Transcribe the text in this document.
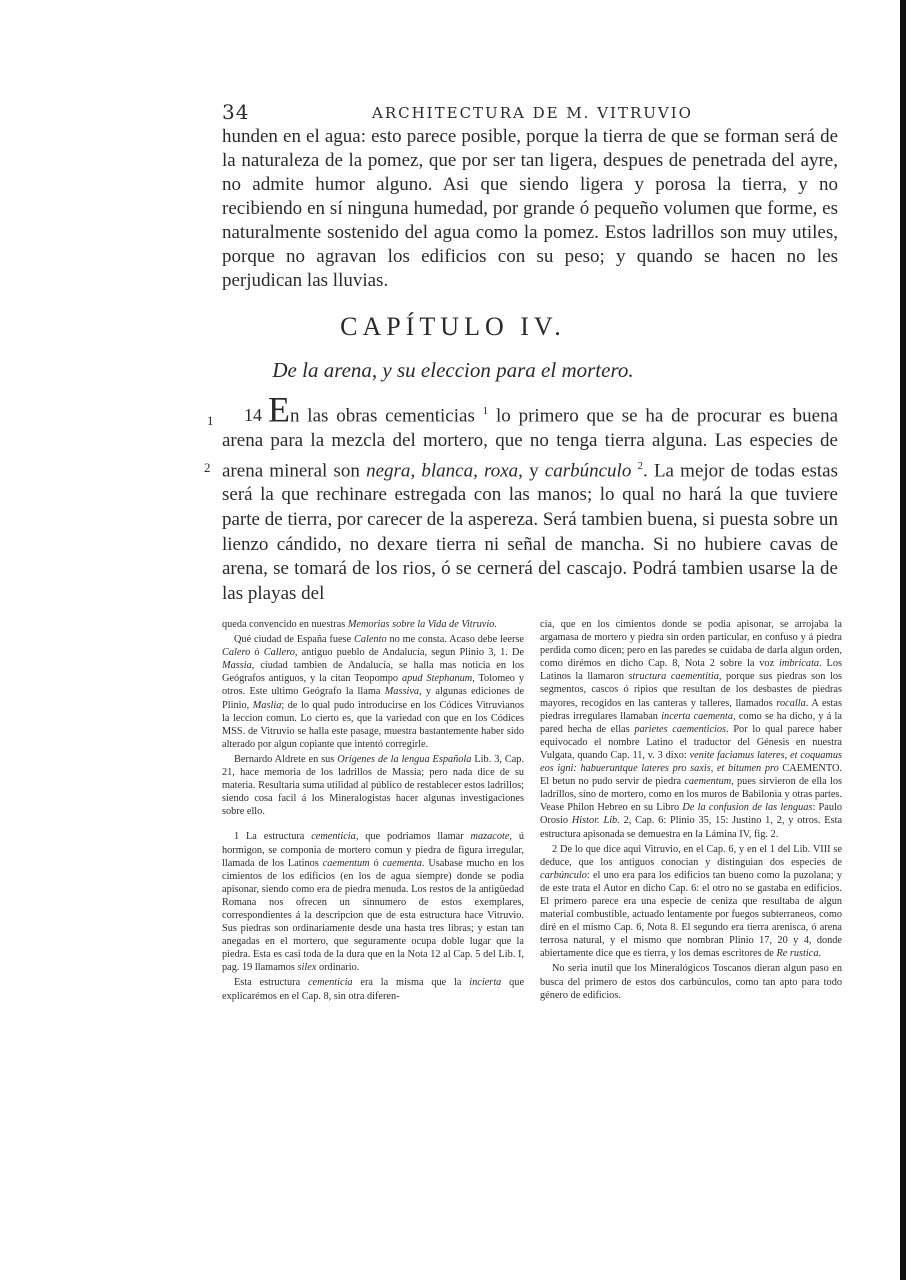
34	ARCHITECTURA DE M. VITRUVIO
hunden en el agua: esto parece posible, porque la tierra de que se forman será de la naturaleza de la pomez, que por ser tan ligera, despues de penetrada del ayre, no admite humor alguno. Asi que siendo ligera y porosa la tierra, y no recibiendo en sí ninguna humedad, por grande ó pequeño volumen que forme, es naturalmente sostenido del agua como la pomez. Estos ladrillos son muy utiles, porque no agravan los edificios con su peso; y quando se hacen no les perjudican las lluvias.
CAPÍTULO IV.
De la arena, y su eleccion para el mortero.
1
2
14 En las obras cementicias $^1$ lo primero que se ha de procurar es buena arena para la mezcla del mortero, que no tenga tierra alguna. Las especies de arena mineral son negra, blanca, roxa, y carbúnculo $^2$. La mejor de todas estas será la que rechinare estregada con las manos; lo qual no hará la que tuviere parte de tierra, por carecer de la aspereza. Será tambien buena, si puesta sobre un lienzo cándido, no dexare tierra ni señal de mancha. Si no hubiere cavas de arena, se tomará de los rios, ó se cernerá del cascajo. Podrá tambien usarse la de las playas del

queda convencido en nuestras Memorias sobre la Vida de Vitruvio.

Qué ciudad de España fuese Calento no me consta. Acaso debe leerse Calero ó Callero, antiguo pueblo de Andalucía, segun Plinio 3, 1. De Massia, ciudad tambien de Andalucía, se halla mas noticia en los Geógrafos antiguos, y la citan Teopompo apud Stephanum, Tolomeo y otros. Este ultimo Geógrafo la llama Massiva, y algunas ediciones de Plinio, Maslia; de lo qual pudo introducirse en los Códices Vitruvianos la leccion comun. Lo cierto es, que la variedad con que en los Códices MSS. de Vitruvio se halla este pasage, muestra bastantemente haber sido alterado por algun copiante que intentó corregirle.

Bernardo Aldrete en sus Orígenes de la lengua Española Lib. 3, Cap. 21, hace memoria de los ladrillos de Massia; pero nada dice de su materia. Resultaria suma utilidad al público de restablecer estos ladrillos; siendo cosa facil á los Mineralogistas hacer algunas investigaciones sobre ello.

1 La estructura cementicia, que podriamos llamar mazacote, ú hormigon, se componia de mortero comun y piedra de figura irregular, llamada de los Latinos caementum ó caementa. Usabase mucho en los cimientos de los edificios (en los de agua siempre) donde se podia apisonar, siendo como era de piedra menuda. Los restos de la antigüedad Romana nos ofrecen un sinnumero de estos exemplares, correspondientes á la descripcion que de esta estructura hace Vitruvio. Sus piedras son ordinariamente desde una hasta tres libras; y estan tan anegadas en el mortero, que seguramente ocupa doble lugar que la piedra. Esta es casi toda de la dura que en la Nota 12 al Cap. 5 del Lib. I, pag. 19 llamamos silex ordinario.

Esta estructura cementicia era la misma que la incierta que explicarémos en el Cap. 8, sin otra diferen-

cia, que en los cimientos donde se podia apisonar, se arrojaba la argamasa de mortero y piedra sin orden particular, en confuso y á piedra perdida como dicen; pero en las paredes se cuidaba de darla algun orden, como dirémos en dicho Cap. 8, Nota 2 sobre la voz imbricata. Los Latinos la llamaron structura caementitia, porque sus piedras son los segmentos, cascos ó ripios que resultan de los desbastes de piedras mayores, recogidos en las canteras y talleres, llamados rocalla. A estas piedras irregulares llamaban incerta caementa, como se ha dicho, y á la pared hecha de ellas parietes caementicios. Por lo qual parece haber equivocado el nombre Latino el traductor del Génesis en nuestra Vulgata, quando Cap. 11, v. 3 dixo: venite faciamus lateres, et coquamus eos igni: habueruntque lateres pro saxis, et bitumen pro CAEMENTO. El betun no pudo servir de piedra caementum, pues sirvieron de ella los ladrillos, sino de mortero, como en los muros de Babilonia y otras partes. Vease Philon Hebreo en su Libro De la confusion de las lenguas: Paulo Orosio Histor. Lib. 2, Cap. 6: Plinio 35, 15: Justino 1, 2, y otros. Esta estructura apisonada se demuestra en la Lámina IV, fig. 2.

2 De lo que dice aqui Vitruvio, en el Cap. 6, y en el 1 del Lib. VIII se deduce, que los antiguos conocian y distinguian dos especies de carbúnculo: el uno era para los edificios tan bueno como la puzolana; y de este trata el Autor en dicho Cap. 6: el otro no se gastaba en edificios. El primero parece era una especie de ceniza que resultaba de algun material combustible, actuado lentamente por fuegos subterraneos, como diré en el mismo Cap. 6, Nota 8. El segundo era tierra arenisca, ó arena terrosa natural, y el mismo que nombran Plinio 17, 20 y 4, donde abiertamente dice que es tierra, y los demas escritores de Re rustica.

No seria inutil que los Mineralógicos Toscanos dieran algun paso en busca del primero de estos dos carbúnculos, como tan apto para todo género de edificios.
